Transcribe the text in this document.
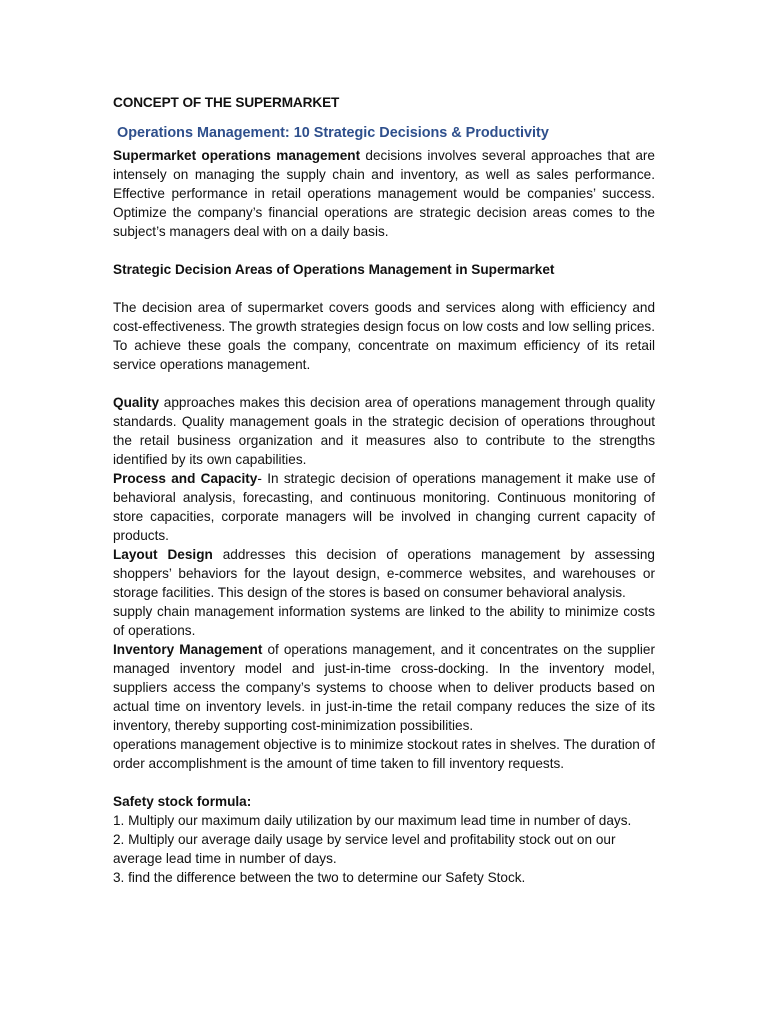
CONCEPT OF THE SUPERMARKET
Operations Management: 10 Strategic Decisions & Productivity

Supermarket operations management decisions involves several approaches that are intensely on managing the supply chain and inventory, as well as sales performance. Effective performance in retail operations management would be companies’ success. Optimize the company’s financial operations are strategic decision areas comes to the subject’s managers deal with on a daily basis.

Strategic Decision Areas of Operations Management in Supermarket

The decision area of supermarket covers goods and services along with efficiency and cost-effectiveness. The growth strategies design focus on low costs and low selling prices. To achieve these goals the company, concentrate on maximum efficiency of its retail service operations management.

Quality approaches makes this decision area of operations management through quality standards. Quality management goals in the strategic decision of operations throughout the retail business organization and it measures also to contribute to the strengths identified by its own capabilities.

Process and Capacity- In strategic decision of operations management it make use of behavioral analysis, forecasting, and continuous monitoring. Continuous monitoring of store capacities, corporate managers will be involved in changing current capacity of products.

Layout Design addresses this decision of operations management by assessing shoppers’ behaviors for the layout design, e-commerce websites, and warehouses or storage facilities. This design of the stores is based on consumer behavioral analysis.

supply chain management information systems are linked to the ability to minimize costs of operations.

Inventory Management of operations management, and it concentrates on the supplier managed inventory model and just-in-time cross-docking. In the inventory model, suppliers access the company’s systems to choose when to deliver products based on actual time on inventory levels. in just-in-time the retail company reduces the size of its inventory, thereby supporting cost-minimization possibilities.

operations management objective is to minimize stockout rates in shelves. The duration of order accomplishment is the amount of time taken to fill inventory requests.

Safety stock formula:
1. Multiply our maximum daily utilization by our maximum lead time in number of days.
2. Multiply our average daily usage by service level and profitability stock out on our average lead time in number of days.
3. find the difference between the two to determine our Safety Stock.
